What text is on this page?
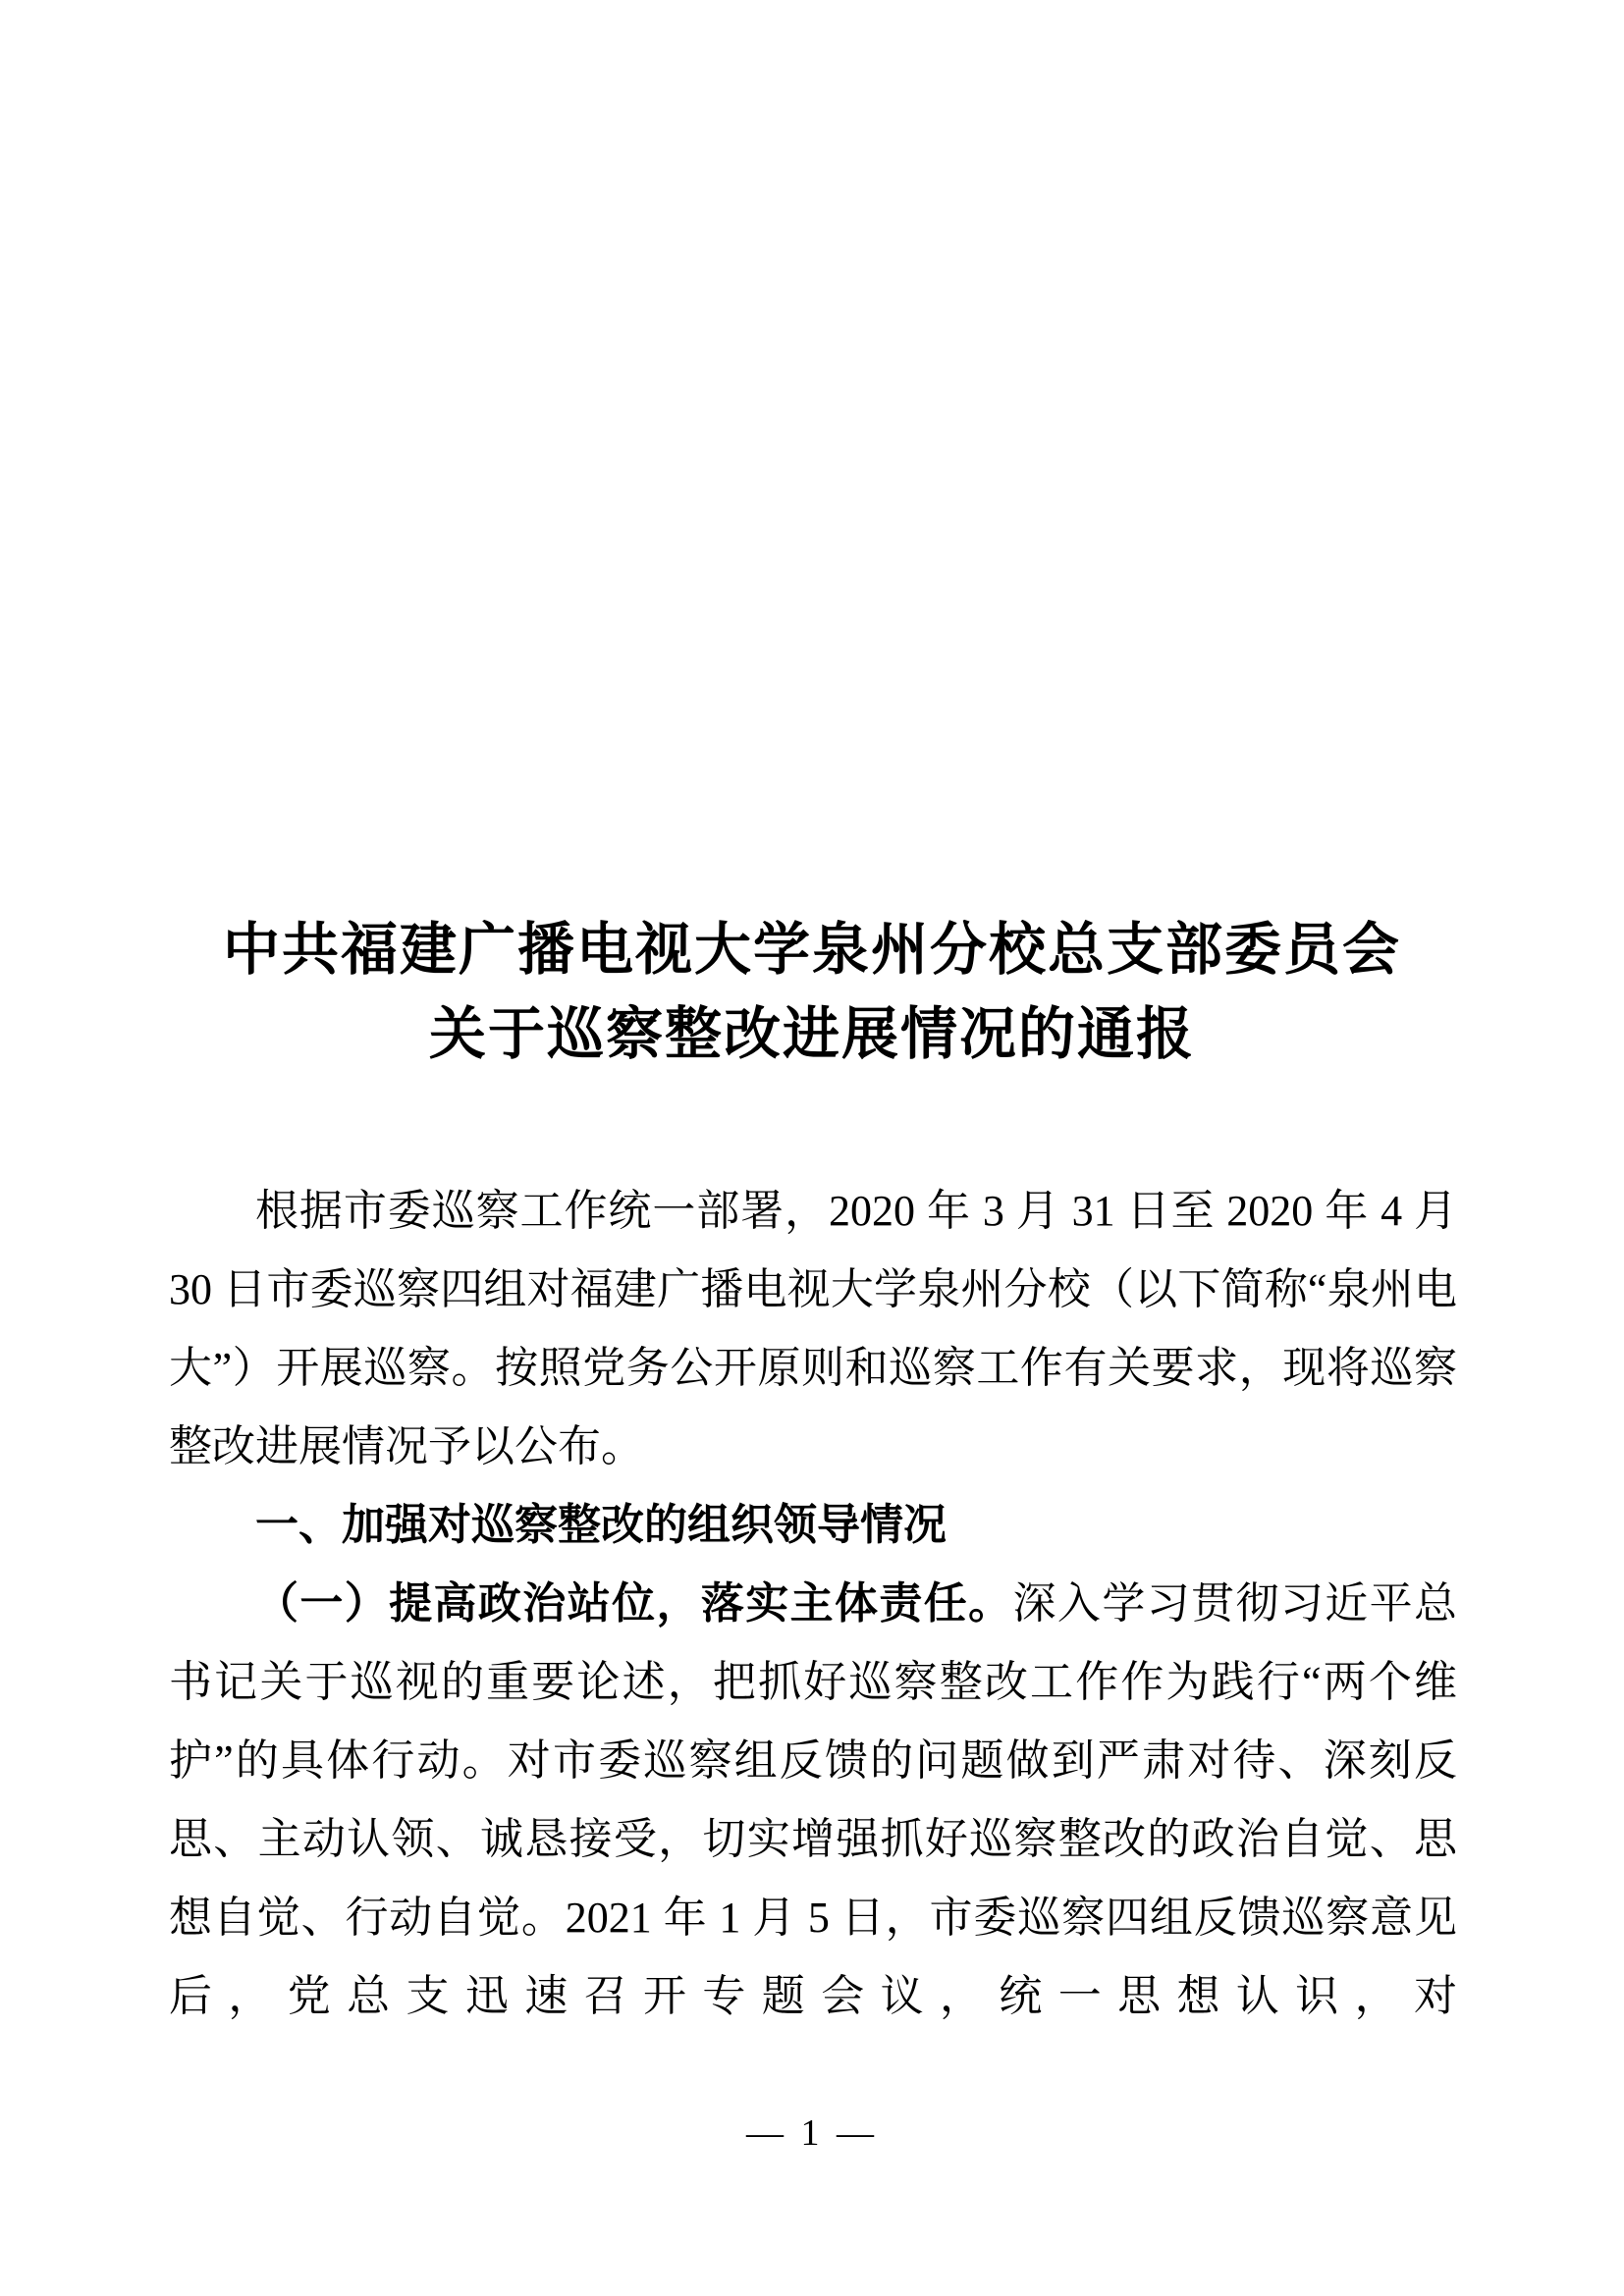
中共福建广播电视大学泉州分校总支部委员会
关于巡察整改进展情况的通报

根据市委巡察工作统一部署，2020 年 3 月 31 日至 2020 年 4 月 30 日市委巡察四组对福建广播电视大学泉州分校（以下简称“泉州电大”）开展巡察。按照党务公开原则和巡察工作有关要求，现将巡察整改进展情况予以公布。

一、加强对巡察整改的组织领导情况

（一）提高政治站位，落实主体责任。深入学习贯彻习近平总书记关于巡视的重要论述，把抓好巡察整改工作作为践行“两个维护”的具体行动。对市委巡察组反馈的问题做到严肃对待、深刻反思、主动认领、诚恳接受，切实增强抓好巡察整改的政治自觉、思想自觉、行动自觉。2021 年 1 月 5 日，市委巡察四组反馈巡察意见后，党总支迅速召开专题会议，统一思想认识，对

— 1 —
